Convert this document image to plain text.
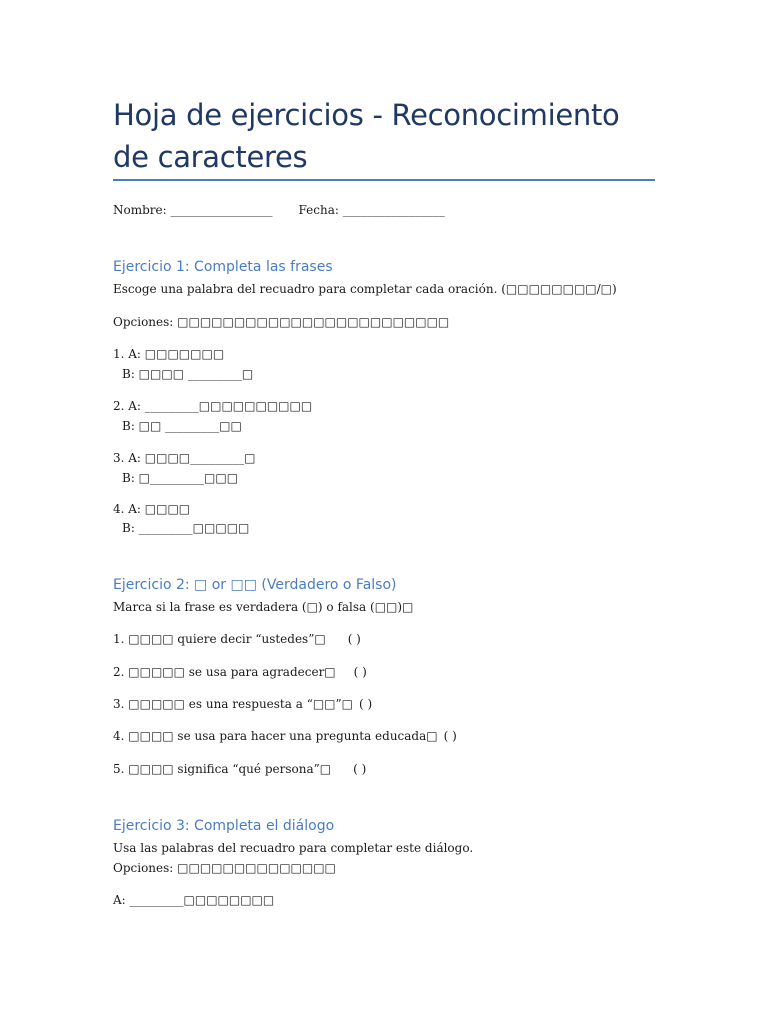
Hoja de ejercicios - Reconocimiento de caracteres
Nombre: _________________ Fecha: _________________
Ejercicio 1: Completa las frases
Escoge una palabra del recuadro para completar cada oración. (□□□□□□□□/□)
Opciones: □□□□□□□□□□□□□□□□□□□□□□□□
1. A: □□□□□□□
B: □□□□ _________□
2. A: _________□□□□□□□□□□
B: □□ _________□□
3. A: □□□□_________□
B: □_________□□□
4. A: □□□□
B: _________□□□□□
Ejercicio 2: □ or □□ (Verdadero o Falso)
Marca si la frase es verdadera (□) o falsa (□□)□
1. □□□□ quiere decir “ustedes”□ ( )
2. □□□□□ se usa para agradecer□ ( )
3. □□□□□ es una respuesta a “□□”□ ( )
4. □□□□ se usa para hacer una pregunta educada□ ( )
5. □□□□ significa “qué persona”□ ( )
Ejercicio 3: Completa el diálogo
Usa las palabras del recuadro para completar este diálogo.
Opciones: □□□□□□□□□□□□□□
A: _________□□□□□□□□
